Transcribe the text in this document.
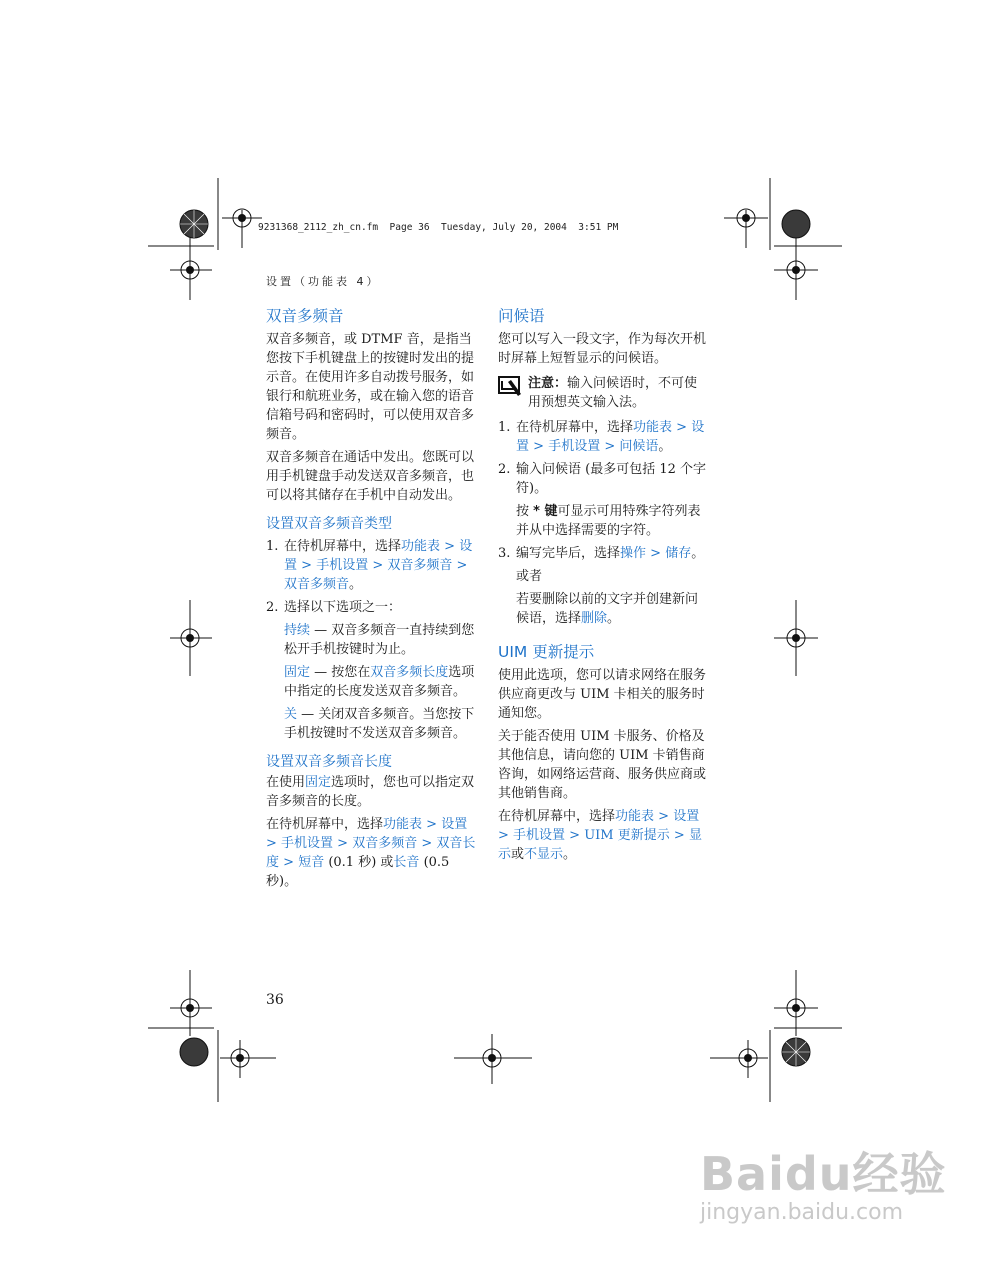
9231368_2112_zh_cn.fm  Page 36  Tuesday, July 20, 2004  3:51 PM
设置（功能表 4）
双音多频音

双音多频音，或 DTMF 音，是指当您按下手机键盘上的按键时发出的提示音。在使用许多自动拨号服务，如银行和航班业务，或在输入您的语音信箱号码和密码时，可以使用双音多频音。

双音多频音在通话中发出。您既可以用手机键盘手动发送双音多频音，也可以将其储存在手机中自动发出。

设置双音多频音类型
1. 在待机屏幕中，选择功能表 > 设置 > 手机设置 > 双音多频音 > 双音多频音。
2. 选择以下选项之一：

持续 — 双音多频音一直持续到您松开手机按键时为止。

固定 — 按您在双音多频长度选项中指定的长度发送双音多频音。

关 — 关闭双音多频音。当您按下手机按键时不发送双音多频音。

设置双音多频音长度

在使用固定选项时，您也可以指定双音多频音的长度。

在待机屏幕中，选择功能表 > 设置 > 手机设置 > 双音多频音 > 双音长度 > 短音 (0.1 秒) 或长音 (0.5 秒)。

问候语

您可以写入一段文字，作为每次开机时屏幕上短暂显示的问候语。

注意：输入问候语时，不可使用预想英文输入法。

1. 在待机屏幕中，选择功能表 > 设置 > 手机设置 > 问候语。
2. 输入问候语 (最多可包括 12 个字符)。

按 * 键可显示可用特殊字符列表并从中选择需要的字符。

3. 编写完毕后，选择操作 > 储存。

或者

若要删除以前的文字并创建新问候语，选择删除。

UIM 更新提示

使用此选项，您可以请求网络在服务供应商更改与 UIM 卡相关的服务时通知您。

关于能否使用 UIM 卡服务、价格及其他信息，请向您的 UIM 卡销售商咨询，如网络运营商、服务供应商或其他销售商。

在待机屏幕中，选择功能表 > 设置 > 手机设置 > UIM 更新提示 > 显示或不显示。

36
Baidu经验
jingyan.baidu.com
